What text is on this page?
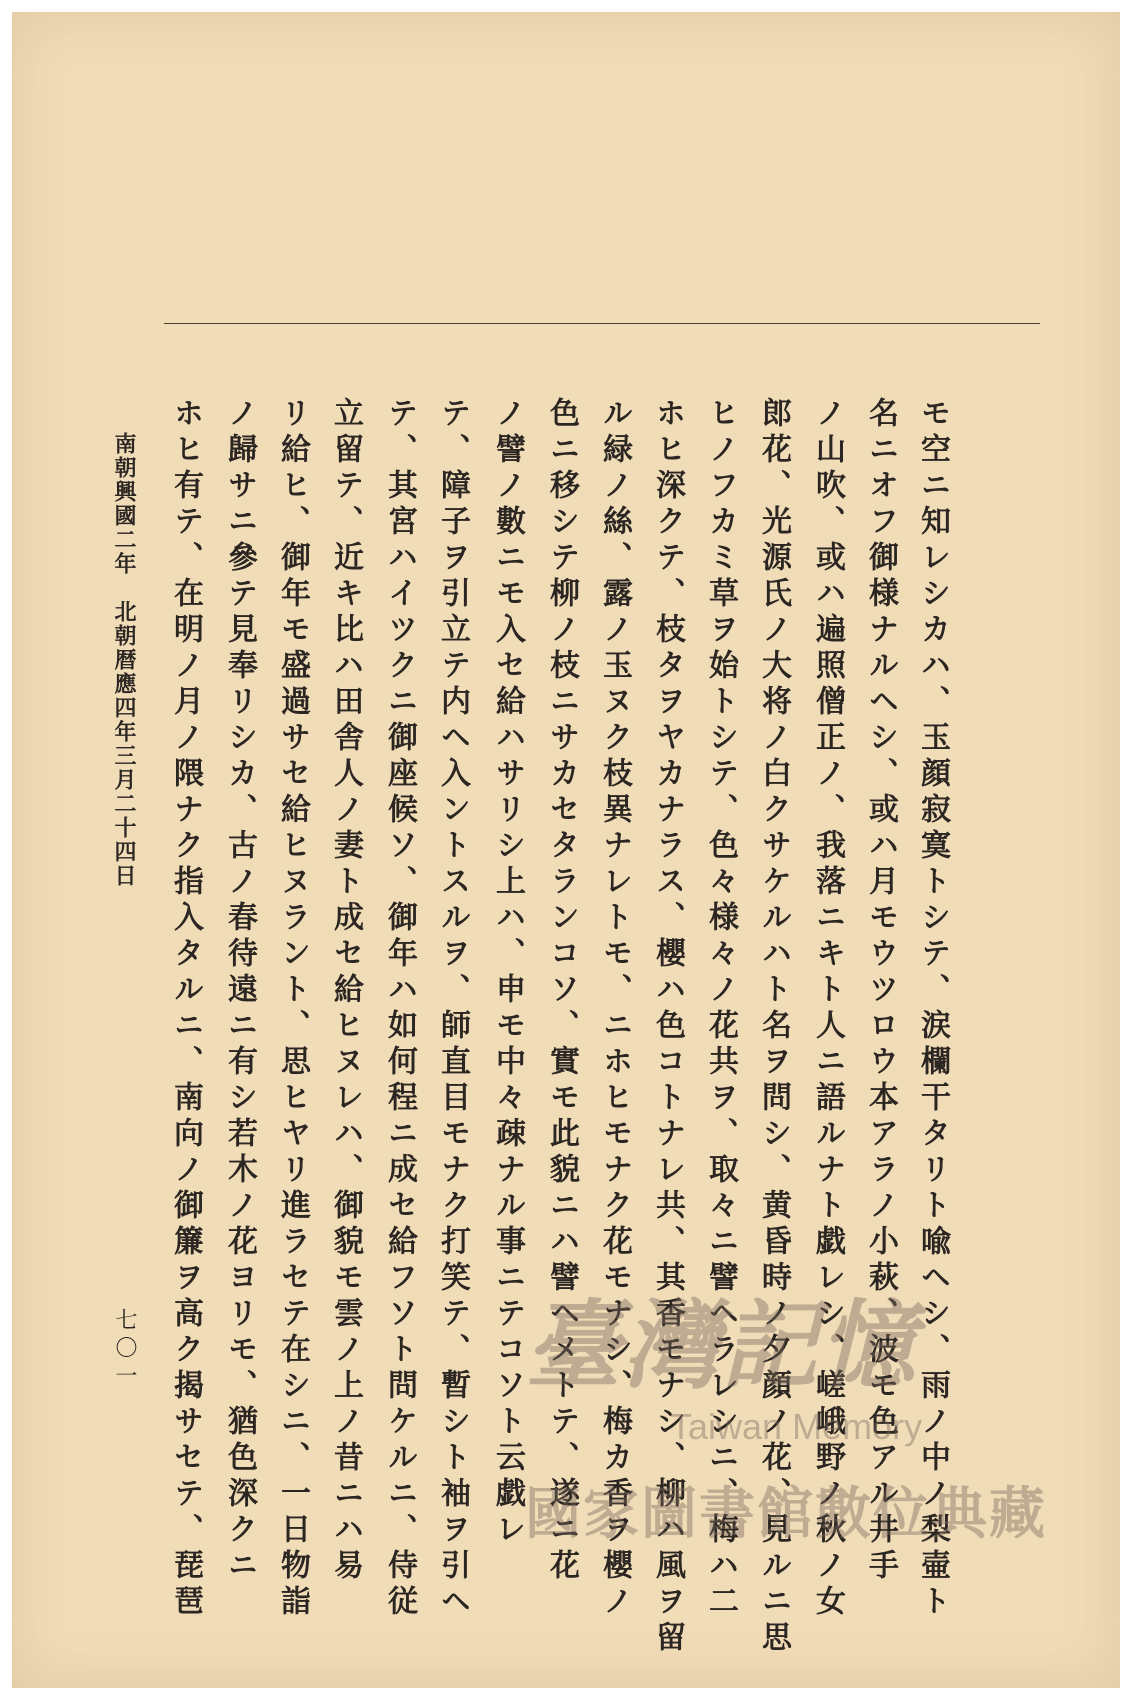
モ空ニ知レシカハ、玉顔寂寞トシテ、涙欄干タリト喩ヘシ、雨ノ中ノ梨壷ト
名ニオフ御様ナルヘシ、或ハ月モウツロウ本アラノ小萩、波モ色アル井手
ノ山吹、或ハ遍照僧正ノ、我落ニキト人ニ語ルナト戯レシ、嵯峨野ノ秋ノ女
郎花、光源氏ノ大将ノ白クサケルハト名ヲ問シ、黄昏時ノ夕顔ノ花、見ルニ思
ヒノフカミ草ヲ始トシテ、色々様々ノ花共ヲ、取々ニ譬ヘラレシニ、梅ハ二
ホヒ深クテ、枝タヲヤカナラス、櫻ハ色コトナレ共、其香モナシ、柳ハ風ヲ留
ル緑ノ絲、露ノ玉ヌク枝異ナレトモ、ニホヒモナク花モナシ、梅カ香ヲ櫻ノ
色ニ移シテ柳ノ枝ニサカセタランコソ、實モ此貌ニハ譬ヘメトテ、遂ニ花
ノ譬ノ數ニモ入セ給ハサリシ上ハ、申モ中々疎ナル事ニテコソト云戯レ
テ、障子ヲ引立テ内ヘ入ントスルヲ、師直目モナク打笑テ、暫シト袖ヲ引ヘ
テ、其宮ハイツクニ御座候ソ、御年ハ如何程ニ成セ給フソト問ケルニ、侍従
立留テ、近キ比ハ田舎人ノ妻ト成セ給ヒヌレハ、御貌モ雲ノ上ノ昔ニハ易
リ給ヒ、御年モ盛過サセ給ヒヌラント、思ヒヤリ進ラセテ在シニ、一日物詣
ノ歸サニ參テ見奉リシカ、古ノ春待遠ニ有シ若木ノ花ヨリモ、猶色深クニ
ホヒ有テ、在明ノ月ノ隈ナク指入タルニ、南向ノ御簾ヲ高ク揭サセテ、琵琶
南朝興國二年　北朝暦應四年三月二十四日
七〇一	臺灣記憶
Taiwan Memory
國家圖書館數位典藏
